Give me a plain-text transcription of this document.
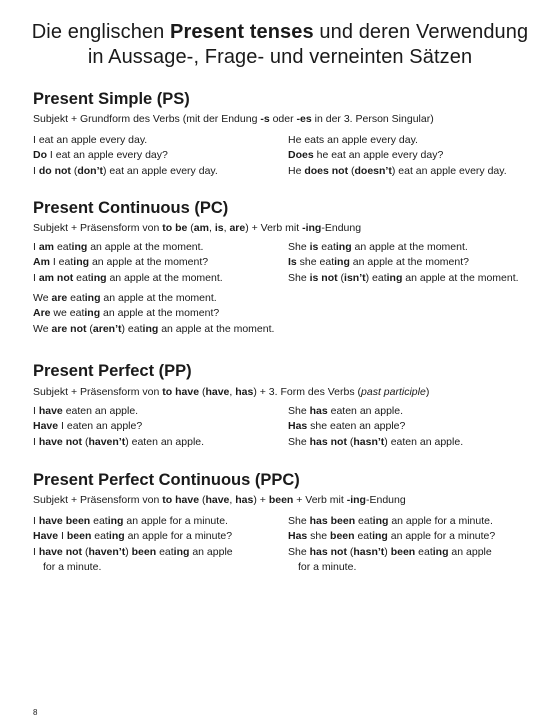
Die englischen Present tenses und deren Verwendung
in Aussage-, Frage- und verneinten Sätzen
Present Simple (PS)
Subjekt + Grundform des Verbs (mit der Endung -s oder -es in der 3. Person Singular)
I eat an apple every day.
Do I eat an apple every day?
I do not (don’t) eat an apple every day.
He eats an apple every day.
Does he eat an apple every day?
He does not (doesn’t) eat an apple every day.
Present Continuous (PC)
Subjekt + Präsensform von to be (am, is, are) + Verb mit -ing-Endung
I am eating an apple at the moment.
Am I eating an apple at the moment?
I am not eating an apple at the moment.
She is eating an apple at the moment.
Is she eating an apple at the moment?
She is not (isn’t) eating an apple at the moment.
We are eating an apple at the moment.
Are we eating an apple at the moment?
We are not (aren’t) eating an apple at the moment.
Present Perfect (PP)
Subjekt + Präsensform von to have (have, has) + 3. Form des Verbs (past participle)
I have eaten an apple.
Have I eaten an apple?
I have not (haven’t) eaten an apple.
She has eaten an apple.
Has she eaten an apple?
She has not (hasn’t) eaten an apple.
Present Perfect Continuous (PPC)
Subjekt + Präsensform von to have (have, has) + been + Verb mit -ing-Endung
I have been eating an apple for a minute.
Have I been eating an apple for a minute?
I have not (haven’t) been eating an apple
for a minute.
She has been eating an apple for a minute.
Has she been eating an apple for a minute?
She has not (hasn’t) been eating an apple
for a minute.
8
